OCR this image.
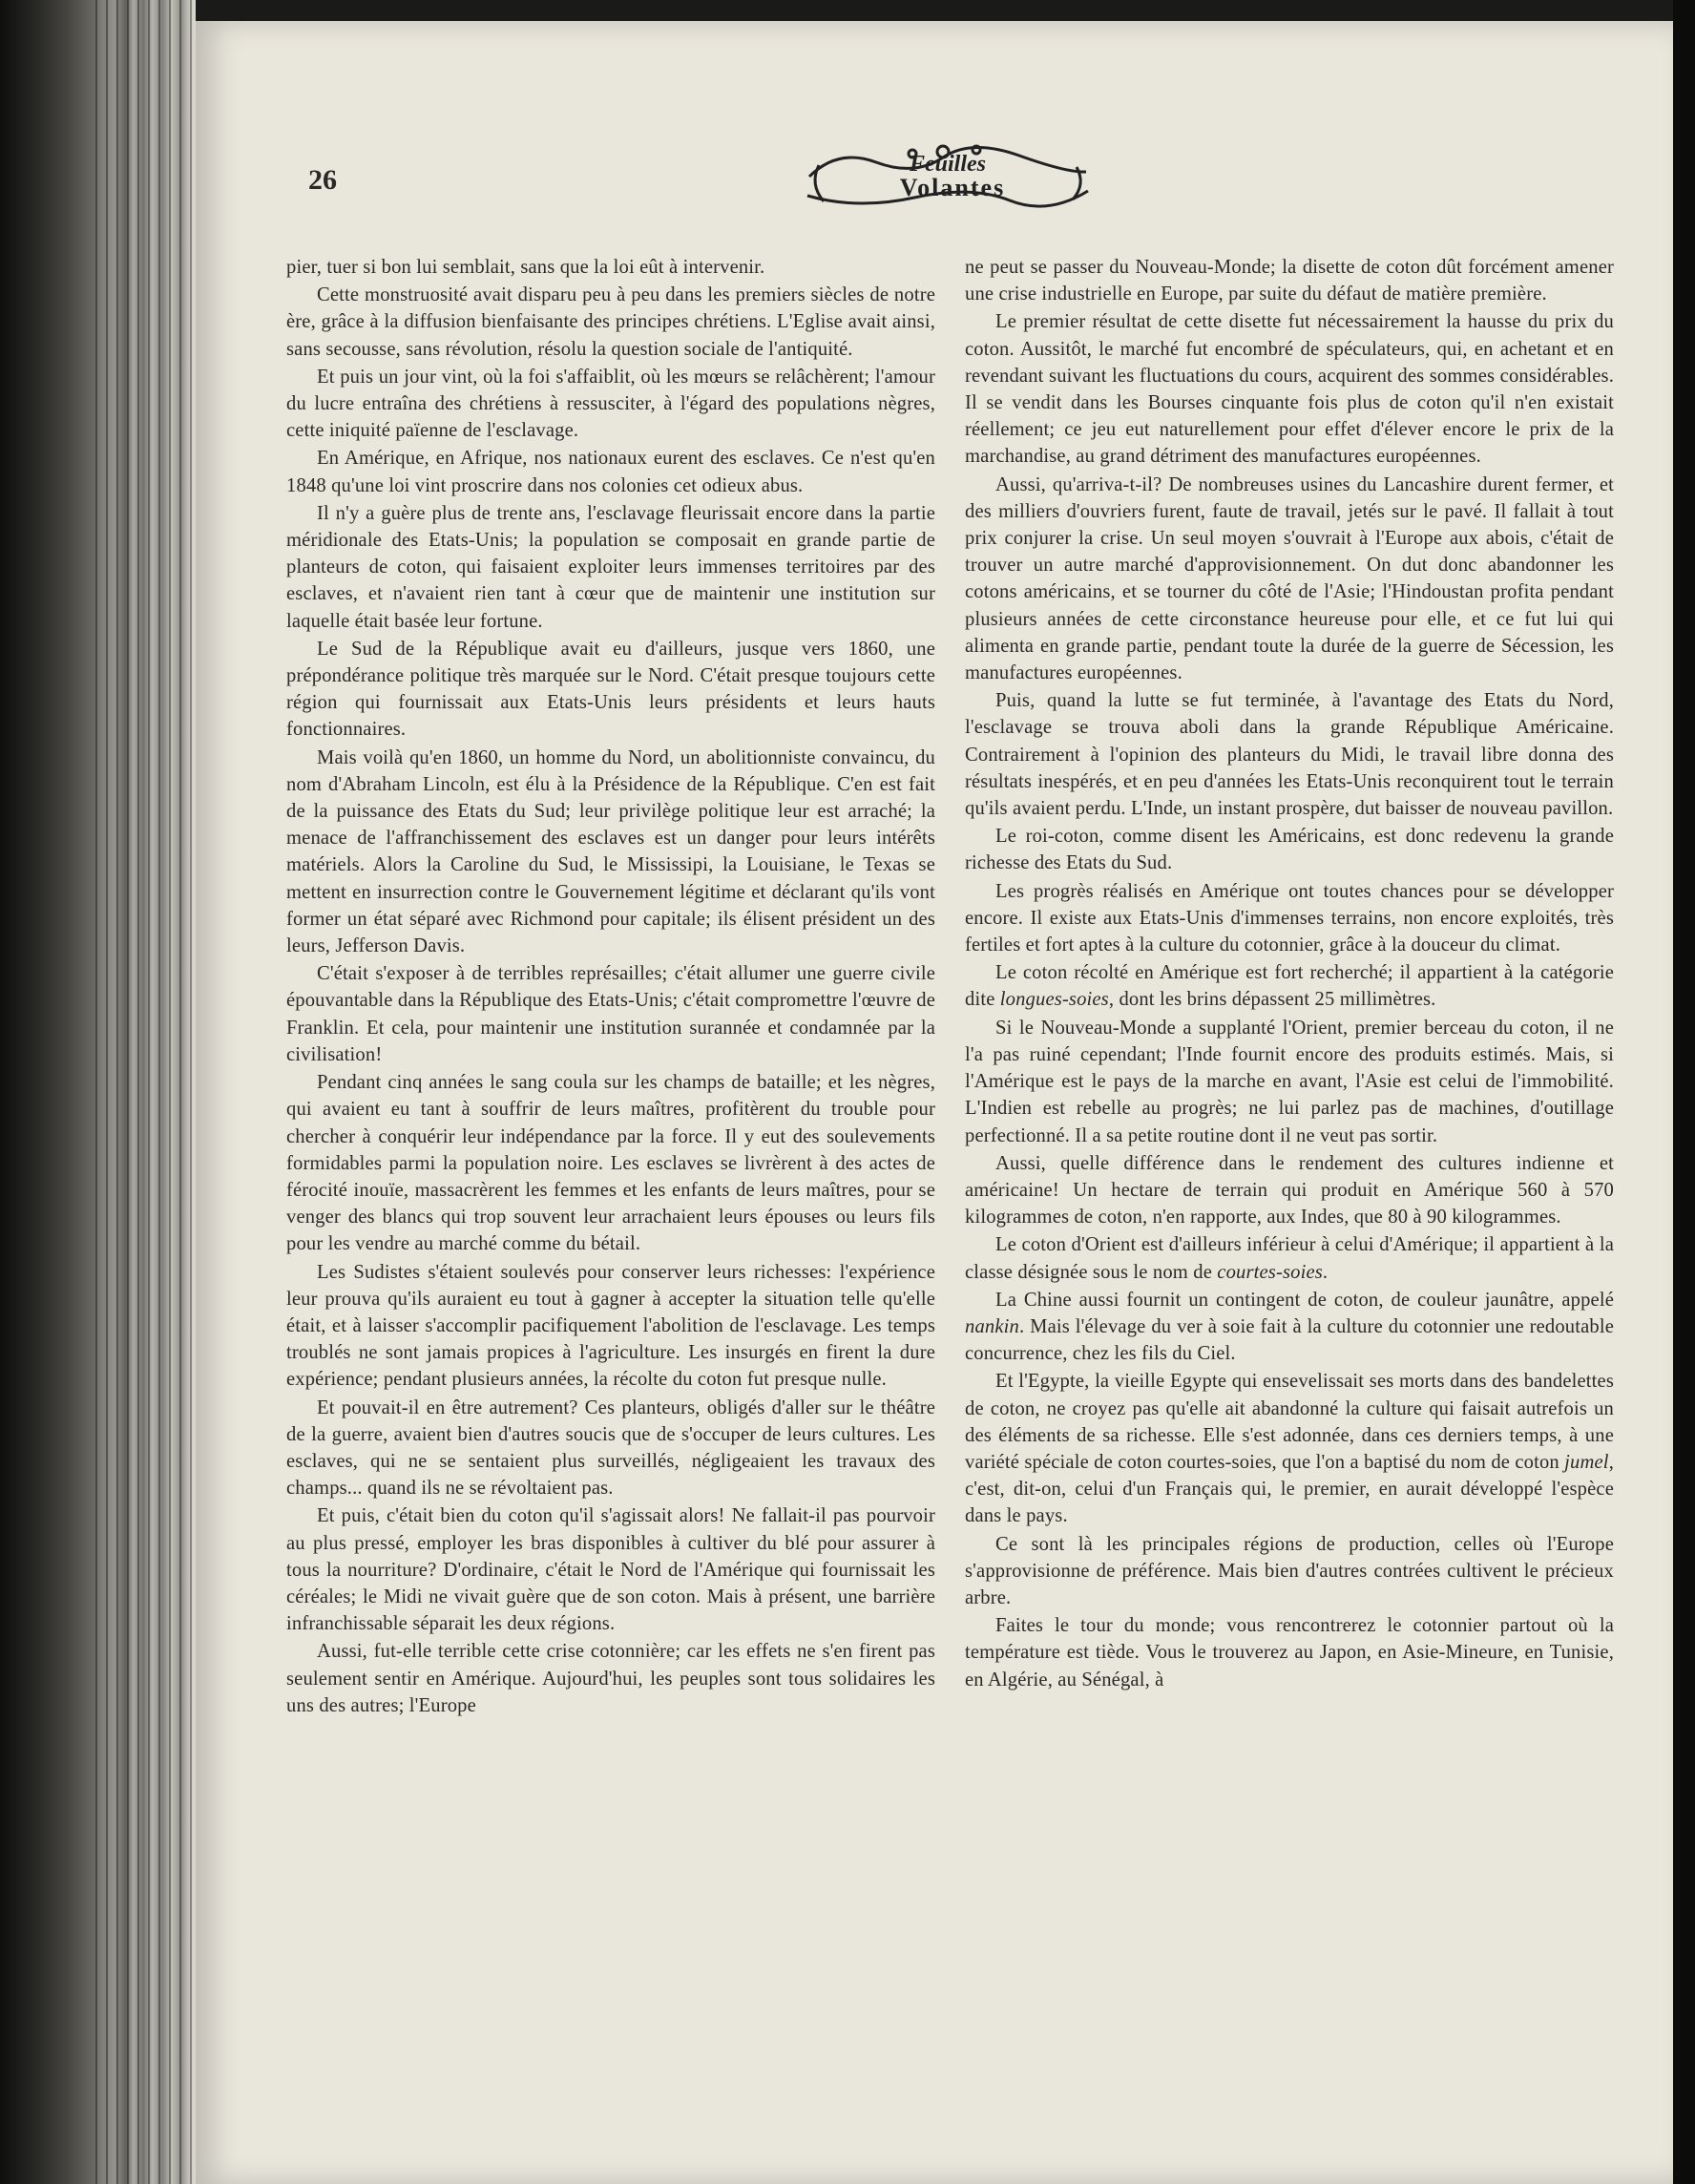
26	Feuilles
Volantes

pier, tuer si bon lui semblait, sans que la loi eût à intervenir.

Cette monstruosité avait disparu peu à peu dans les premiers siècles de notre ère, grâce à la diffusion bienfaisante des principes chrétiens. L'Eglise avait ainsi, sans secousse, sans révolution, résolu la question sociale de l'antiquité.

Et puis un jour vint, où la foi s'affaiblit, où les mœurs se relâchèrent; l'amour du lucre entraîna des chrétiens à ressusciter, à l'égard des populations nègres, cette iniquité païenne de l'esclavage.

En Amérique, en Afrique, nos nationaux eurent des esclaves. Ce n'est qu'en 1848 qu'une loi vint proscrire dans nos colonies cet odieux abus.

Il n'y a guère plus de trente ans, l'esclavage fleurissait encore dans la partie méridionale des Etats-Unis; la population se composait en grande partie de planteurs de coton, qui faisaient exploiter leurs immenses territoires par des esclaves, et n'avaient rien tant à cœur que de maintenir une institution sur laquelle était basée leur fortune.

Le Sud de la République avait eu d'ailleurs, jusque vers 1860, une prépondérance politique très marquée sur le Nord. C'était presque toujours cette région qui fournissait aux Etats-Unis leurs présidents et leurs hauts fonctionnaires.

Mais voilà qu'en 1860, un homme du Nord, un abolitionniste convaincu, du nom d'Abraham Lincoln, est élu à la Présidence de la République. C'en est fait de la puissance des Etats du Sud; leur privilège politique leur est arraché; la menace de l'affranchissement des esclaves est un danger pour leurs intérêts matériels. Alors la Caroline du Sud, le Mississipi, la Louisiane, le Texas se mettent en insurrection contre le Gouvernement légitime et déclarant qu'ils vont former un état séparé avec Richmond pour capitale; ils élisent président un des leurs, Jefferson Davis.

C'était s'exposer à de terribles représailles; c'était allumer une guerre civile épouvantable dans la République des Etats-Unis; c'était compromettre l'œuvre de Franklin. Et cela, pour maintenir une institution surannée et condamnée par la civilisation!

Pendant cinq années le sang coula sur les champs de bataille; et les nègres, qui avaient eu tant à souffrir de leurs maîtres, profitèrent du trouble pour chercher à conquérir leur indépendance par la force. Il y eut des soulevements formidables parmi la population noire. Les esclaves se livrèrent à des actes de férocité inouïe, massacrèrent les femmes et les enfants de leurs maîtres, pour se venger des blancs qui trop souvent leur arrachaient leurs épouses ou leurs fils pour les vendre au marché comme du bétail.

Les Sudistes s'étaient soulevés pour conserver leurs richesses: l'expérience leur prouva qu'ils auraient eu tout à gagner à accepter la situation telle qu'elle était, et à laisser s'accomplir pacifiquement l'abolition de l'esclavage. Les temps troublés ne sont jamais propices à l'agriculture. Les insurgés en firent la dure expérience; pendant plusieurs années, la récolte du coton fut presque nulle.

Et pouvait-il en être autrement? Ces planteurs, obligés d'aller sur le théâtre de la guerre, avaient bien d'autres soucis que de s'occuper de leurs cultures. Les esclaves, qui ne se sentaient plus surveillés, négligeaient les travaux des champs... quand ils ne se révoltaient pas.

Et puis, c'était bien du coton qu'il s'agissait alors! Ne fallait-il pas pourvoir au plus pressé, employer les bras disponibles à cultiver du blé pour assurer à tous la nourriture? D'ordinaire, c'était le Nord de l'Amérique qui fournissait les céréales; le Midi ne vivait guère que de son coton. Mais à présent, une barrière infranchissable séparait les deux régions.

Aussi, fut-elle terrible cette crise cotonnière; car les effets ne s'en firent pas seulement sentir en Amérique. Aujourd'hui, les peuples sont tous solidaires les uns des autres; l'Europe

ne peut se passer du Nouveau-Monde; la disette de coton dût forcément amener une crise industrielle en Europe, par suite du défaut de matière première.

Le premier résultat de cette disette fut nécessairement la hausse du prix du coton. Aussitôt, le marché fut encombré de spéculateurs, qui, en achetant et en revendant suivant les fluctuations du cours, acquirent des sommes considérables. Il se vendit dans les Bourses cinquante fois plus de coton qu'il n'en existait réellement; ce jeu eut naturellement pour effet d'élever encore le prix de la marchandise, au grand détriment des manufactures européennes.

Aussi, qu'arriva-t-il? De nombreuses usines du Lancashire durent fermer, et des milliers d'ouvriers furent, faute de travail, jetés sur le pavé. Il fallait à tout prix conjurer la crise. Un seul moyen s'ouvrait à l'Europe aux abois, c'était de trouver un autre marché d'approvisionnement. On dut donc abandonner les cotons américains, et se tourner du côté de l'Asie; l'Hindoustan profita pendant plusieurs années de cette circonstance heureuse pour elle, et ce fut lui qui alimenta en grande partie, pendant toute la durée de la guerre de Sécession, les manufactures européennes.

Puis, quand la lutte se fut terminée, à l'avantage des Etats du Nord, l'esclavage se trouva aboli dans la grande République Américaine. Contrairement à l'opinion des planteurs du Midi, le travail libre donna des résultats inespérés, et en peu d'années les Etats-Unis reconquirent tout le terrain qu'ils avaient perdu. L'Inde, un instant prospère, dut baisser de nouveau pavillon.

Le roi-coton, comme disent les Américains, est donc redevenu la grande richesse des Etats du Sud.

Les progrès réalisés en Amérique ont toutes chances pour se développer encore. Il existe aux Etats-Unis d'immenses terrains, non encore exploités, très fertiles et fort aptes à la culture du cotonnier, grâce à la douceur du climat.

Le coton récolté en Amérique est fort recherché; il appartient à la catégorie dite longues-soies, dont les brins dépassent 25 millimètres.

Si le Nouveau-Monde a supplanté l'Orient, premier berceau du coton, il ne l'a pas ruiné cependant; l'Inde fournit encore des produits estimés. Mais, si l'Amérique est le pays de la marche en avant, l'Asie est celui de l'immobilité. L'Indien est rebelle au progrès; ne lui parlez pas de machines, d'outillage perfectionné. Il a sa petite routine dont il ne veut pas sortir.

Aussi, quelle différence dans le rendement des cultures indienne et américaine! Un hectare de terrain qui produit en Amérique 560 à 570 kilogrammes de coton, n'en rapporte, aux Indes, que 80 à 90 kilogrammes.

Le coton d'Orient est d'ailleurs inférieur à celui d'Amérique; il appartient à la classe désignée sous le nom de courtes-soies.

La Chine aussi fournit un contingent de coton, de couleur jaunâtre, appelé nankin. Mais l'élevage du ver à soie fait à la culture du cotonnier une redoutable concurrence, chez les fils du Ciel.

Et l'Egypte, la vieille Egypte qui ensevelissait ses morts dans des bandelettes de coton, ne croyez pas qu'elle ait abandonné la culture qui faisait autrefois un des éléments de sa richesse. Elle s'est adonnée, dans ces derniers temps, à une variété spéciale de coton courtes-soies, que l'on a baptisé du nom de coton jumel, c'est, dit-on, celui d'un Français qui, le premier, en aurait développé l'espèce dans le pays.

Ce sont là les principales régions de production, celles où l'Europe s'approvisionne de préférence. Mais bien d'autres contrées cultivent le précieux arbre.

Faites le tour du monde; vous rencontrerez le cotonnier partout où la température est tiède. Vous le trouverez au Japon, en Asie-Mineure, en Tunisie, en Algérie, au Sénégal, à
